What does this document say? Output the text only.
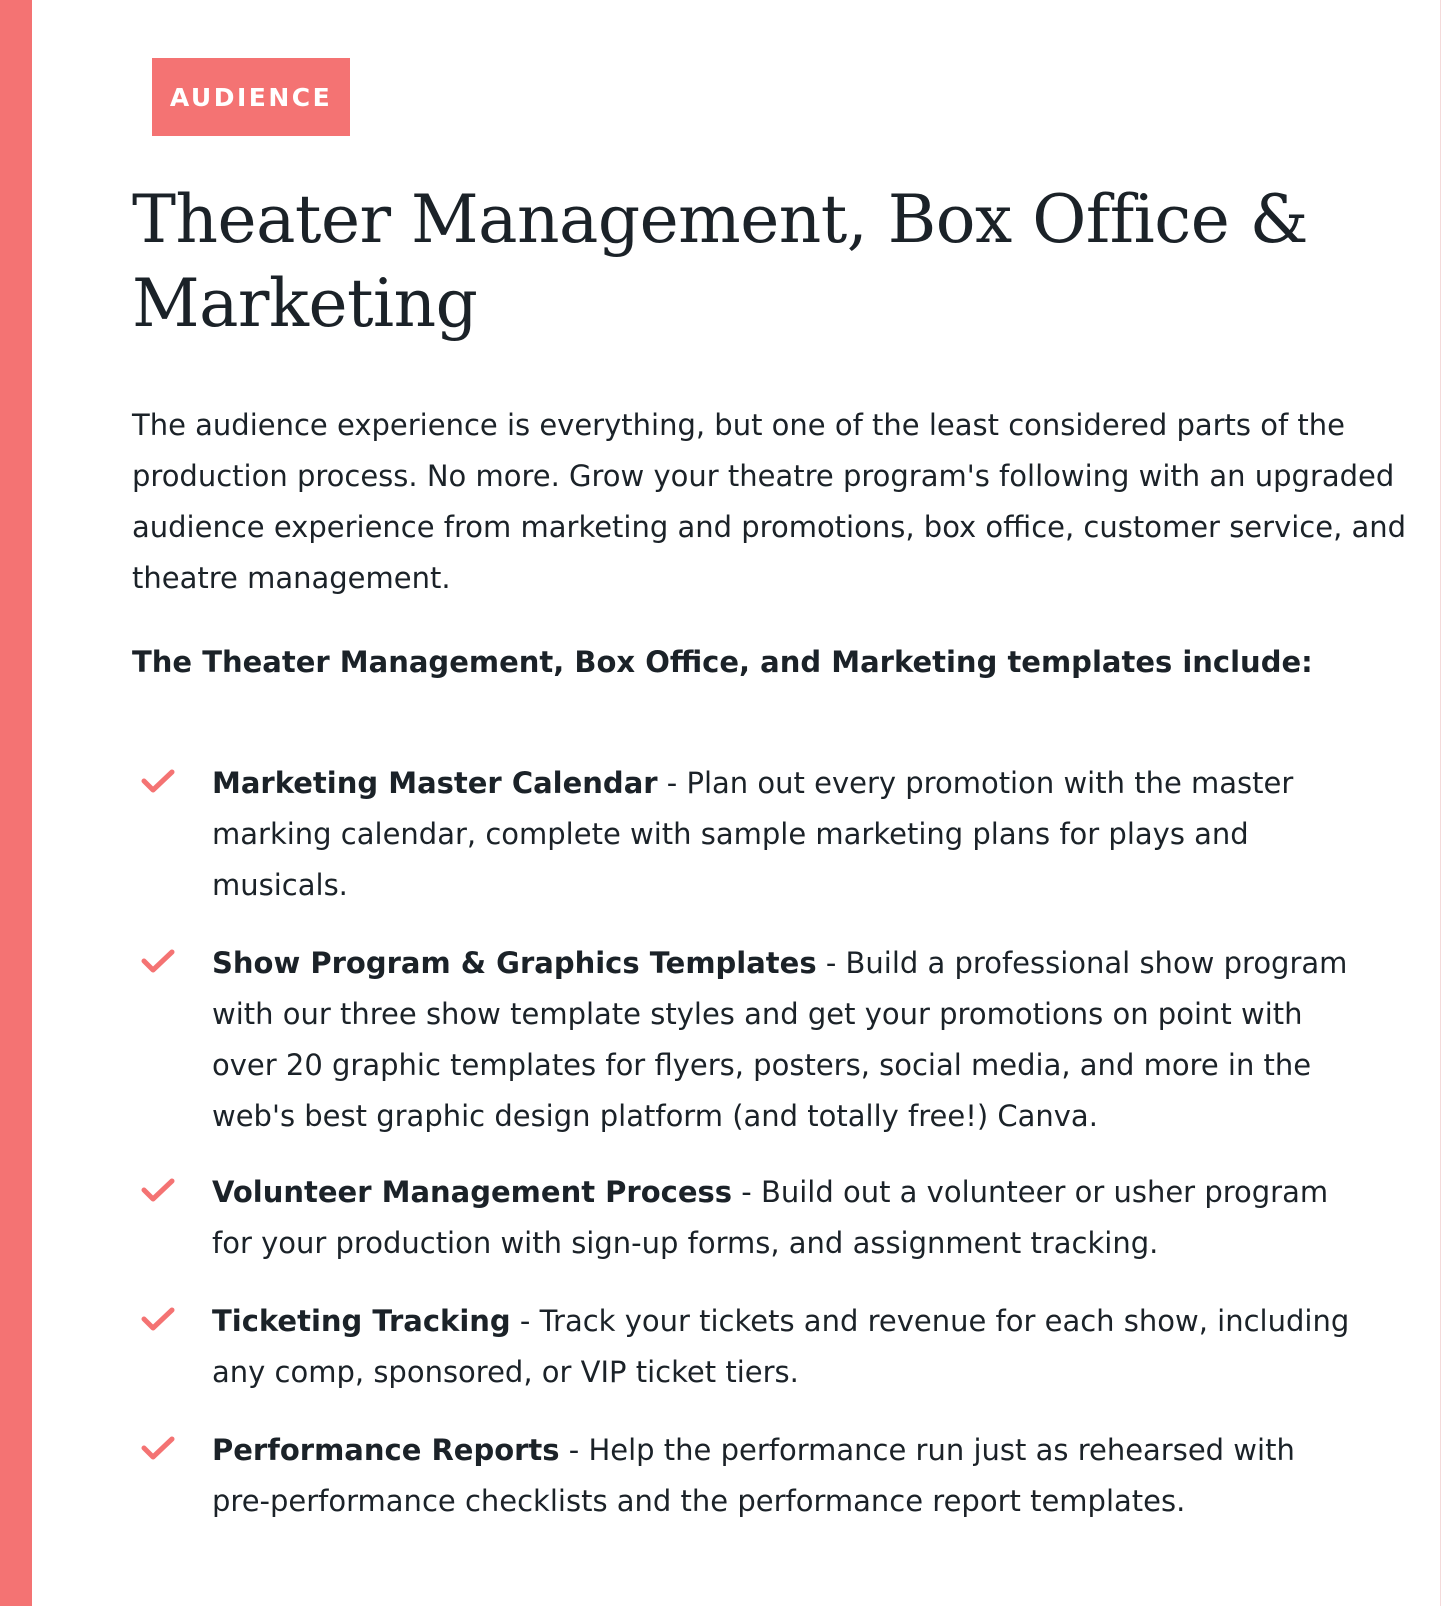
AUDIENCE
Theater Management, Box Office & Marketing

The audience experience is everything, but one of the least considered parts of the production process. No more. Grow your theatre program's following with an upgraded audience experience from marketing and promotions, box office, customer service, and theatre management.

The Theater Management, Box Office, and Marketing templates include:

Marketing Master Calendar - Plan out every promotion with the master marking calendar, complete with sample marketing plans for plays and musicals.

Show Program & Graphics Templates - Build a professional show program with our three show template styles and get your promotions on point with over 20 graphic templates for flyers, posters, social media, and more in the web's best graphic design platform (and totally free!) Canva.

Volunteer Management Process - Build out a volunteer or usher program for your production with sign-up forms, and assignment tracking.

Ticketing Tracking - Track your tickets and revenue for each show, including any comp, sponsored, or VIP ticket tiers.

Performance Reports - Help the performance run just as rehearsed with pre-performance checklists and the performance report templates.
